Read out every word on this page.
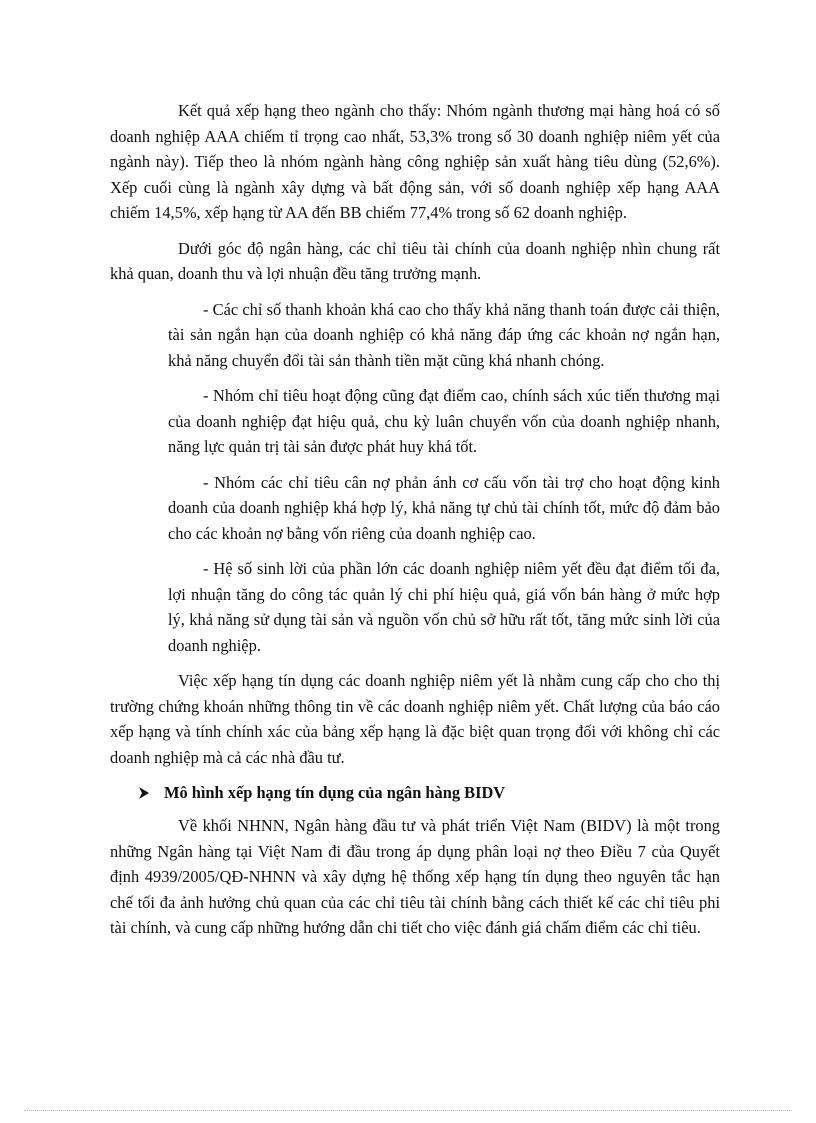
Kết quả xếp hạng theo ngành cho thấy: Nhóm ngành thương mại hàng hoá có số doanh nghiệp AAA chiếm tỉ trọng cao nhất, 53,3% trong số 30 doanh nghiệp niêm yết của ngành này). Tiếp theo là nhóm ngành hàng công nghiệp sản xuất hàng tiêu dùng (52,6%). Xếp cuối cùng là ngành xây dựng và bất động sản, với số doanh nghiệp xếp hạng AAA chiếm 14,5%, xếp hạng từ AA đến BB chiếm 77,4% trong số 62 doanh nghiệp.

Dưới góc độ ngân hàng, các chỉ tiêu tài chính của doanh nghiệp nhìn chung rất khả quan, doanh thu và lợi nhuận đều tăng trưởng mạnh.

- Các chỉ số thanh khoản khá cao cho thấy khả năng thanh toán được cải thiện, tài sản ngắn hạn của doanh nghiệp có khả năng đáp ứng các khoản nợ ngắn hạn, khả năng chuyển đổi tài sản thành tiền mặt cũng khá nhanh chóng.

- Nhóm chỉ tiêu hoạt động cũng đạt điểm cao, chính sách xúc tiến thương mại của doanh nghiệp đạt hiệu quả, chu kỳ luân chuyển vốn của doanh nghiệp nhanh, năng lực quản trị tài sản được phát huy khá tốt.

- Nhóm các chỉ tiêu cân nợ phản ánh cơ cấu vốn tài trợ cho hoạt động kinh doanh của doanh nghiệp khá hợp lý, khả năng tự chủ tài chính tốt, mức độ đảm bảo cho các khoản nợ bằng vốn riêng của doanh nghiệp cao.

- Hệ số sinh lời của phần lớn các doanh nghiệp niêm yết đều đạt điểm tối đa, lợi nhuận tăng do công tác quản lý chi phí hiệu quả, giá vốn bán hàng ở mức hợp lý, khả năng sử dụng tài sản và nguồn vốn chủ sở hữu rất tốt, tăng mức sinh lời của doanh nghiệp.

Việc xếp hạng tín dụng các doanh nghiệp niêm yết là nhằm cung cấp cho cho thị trường chứng khoán những thông tin về các doanh nghiệp niêm yết. Chất lượng của báo cáo xếp hạng và tính chính xác của bảng xếp hạng là đặc biệt quan trọng đối với không chỉ các doanh nghiệp mà cả các nhà đầu tư.

Mô hình xếp hạng tín dụng của ngân hàng BIDV

Về khối NHNN, Ngân hàng đầu tư và phát triển Việt Nam (BIDV) là một trong những Ngân hàng tại Việt Nam đi đầu trong áp dụng phân loại nợ theo Điều 7 của Quyết định 4939/2005/QĐ-NHNN và xây dựng hệ thống xếp hạng tín dụng theo nguyên tắc hạn chế tối đa ảnh hưởng chủ quan của các chỉ tiêu tài chính bằng cách thiết kế các chỉ tiêu phi tài chính, và cung cấp những hướng dẫn chi tiết cho việc đánh giá chấm điểm các chỉ tiêu.
